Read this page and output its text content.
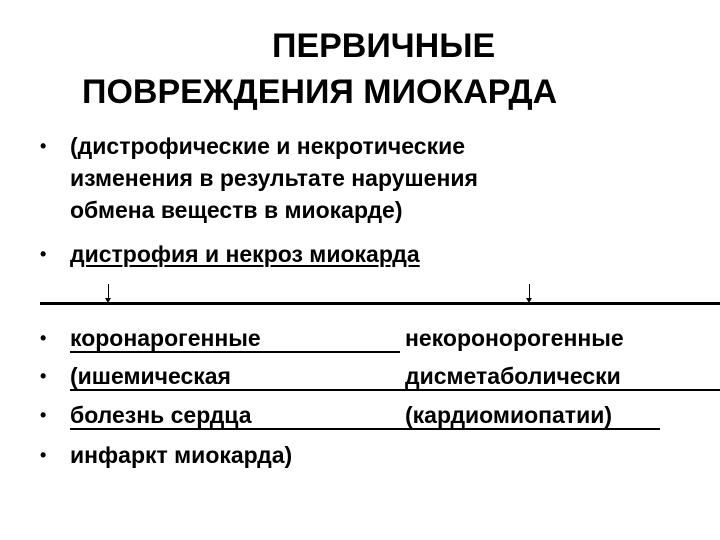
ПЕРВИЧНЫЕ
ПОВРЕЖДЕНИЯ МИОКАРДА
• (дистрофические и некротические
изменения в результате нарушения
обмена веществ в миокарде)
• дистрофия и некроз миокарда
•
•
•
•
коронарогенные
(ишемическая
болезнь сердца
инфаркт миокарда)
некоронорогенные
дисметаболически
(кардиомиопатии)
